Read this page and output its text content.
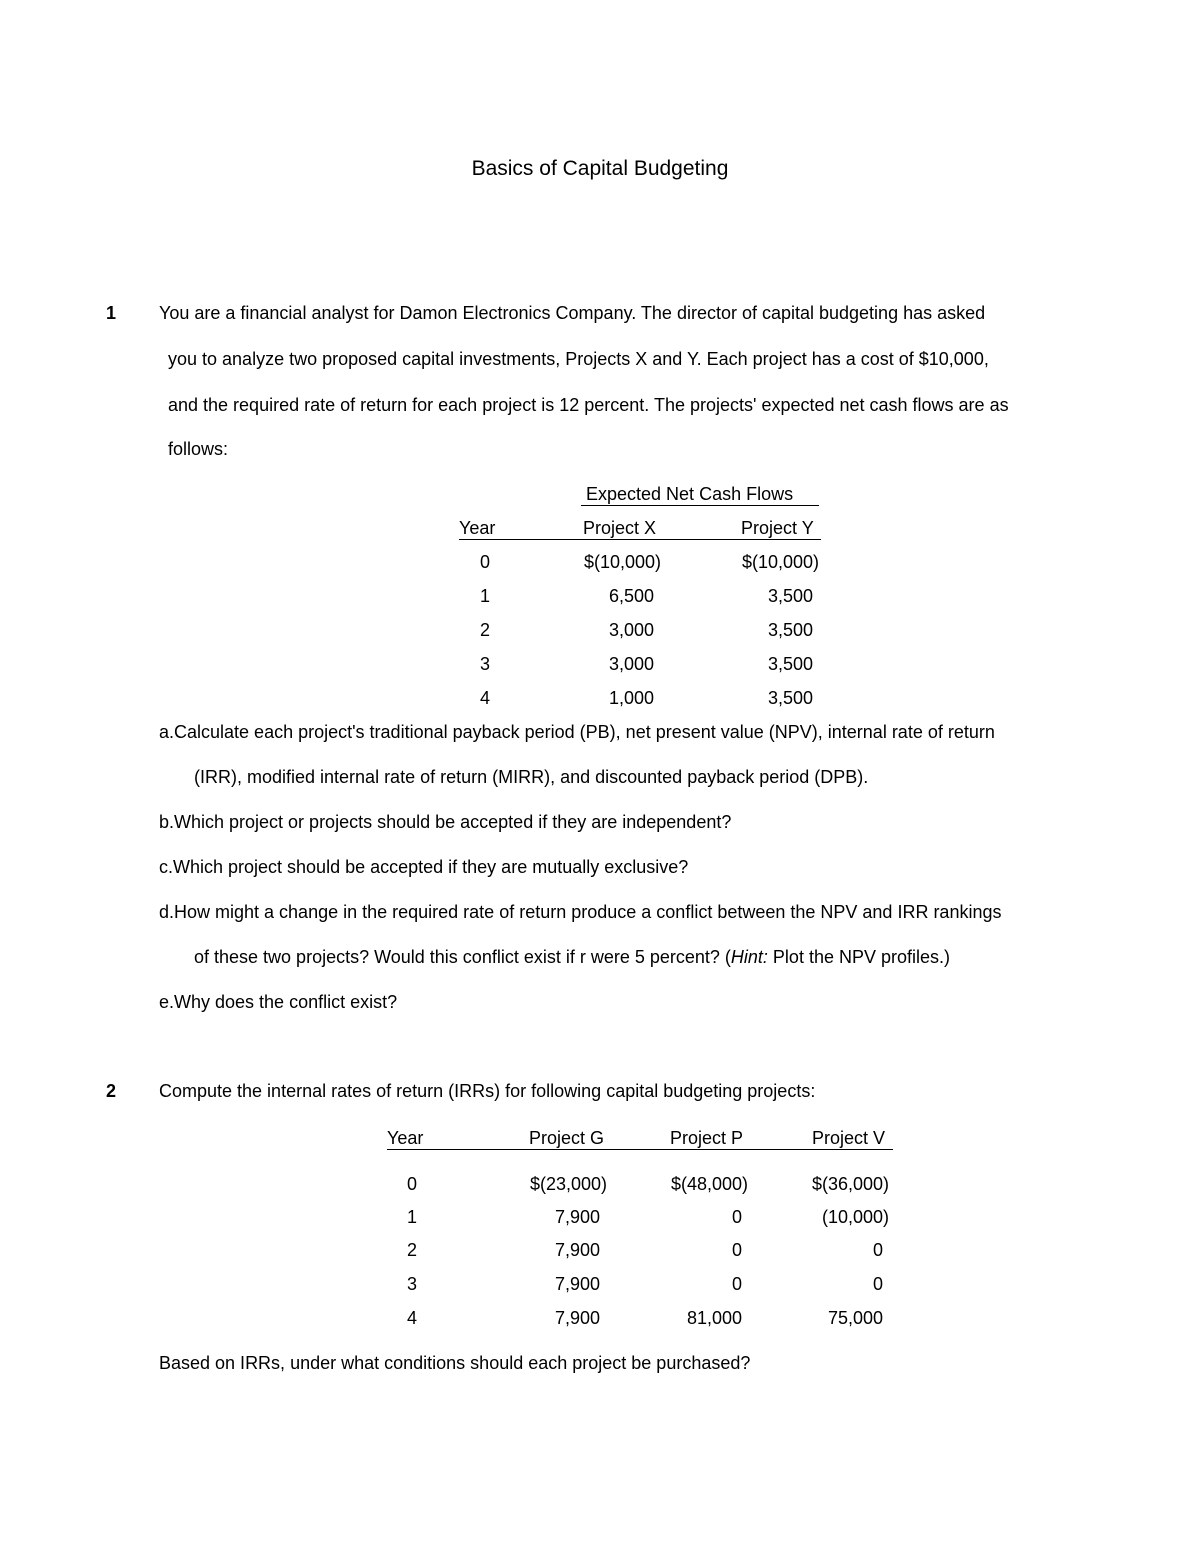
Basics of Capital Budgeting
1 You are a financial analyst for Damon Electronics Company. The director of capital budgeting has asked
you to analyze two proposed capital investments, Projects X and Y. Each project has a cost of $10,000,
and the required rate of return for each project is 12 percent. The projects' expected net cash flows are as
follows:
Expected Net Cash Flows
Year	Project X	Project Y
0	$(10,000)	$(10,000)
1	6,500	3,500
2	3,000	3,500
3	3,000	3,500
4	1,000	3,500
a.Calculate each project's traditional payback period (PB), net present value (NPV), internal rate of return
(IRR), modified internal rate of return (MIRR), and discounted payback period (DPB).
b.Which project or projects should be accepted if they are independent?
c.Which project should be accepted if they are mutually exclusive?
d.How might a change in the required rate of return produce a conflict between the NPV and IRR rankings
of these two projects? Would this conflict exist if r were 5 percent? (Hint: Plot the NPV profiles.)
e.Why does the conflict exist?
2 Compute the internal rates of return (IRRs) for following capital budgeting projects:
Year	Project G	Project P	Project V
0	$(23,000)	$(48,000)	$(36,000)
1	7,900	0	(10,000)
2	7,900	0	0
3	7,900	0	0
4	7,900	81,000	75,000
Based on IRRs, under what conditions should each project be purchased?
